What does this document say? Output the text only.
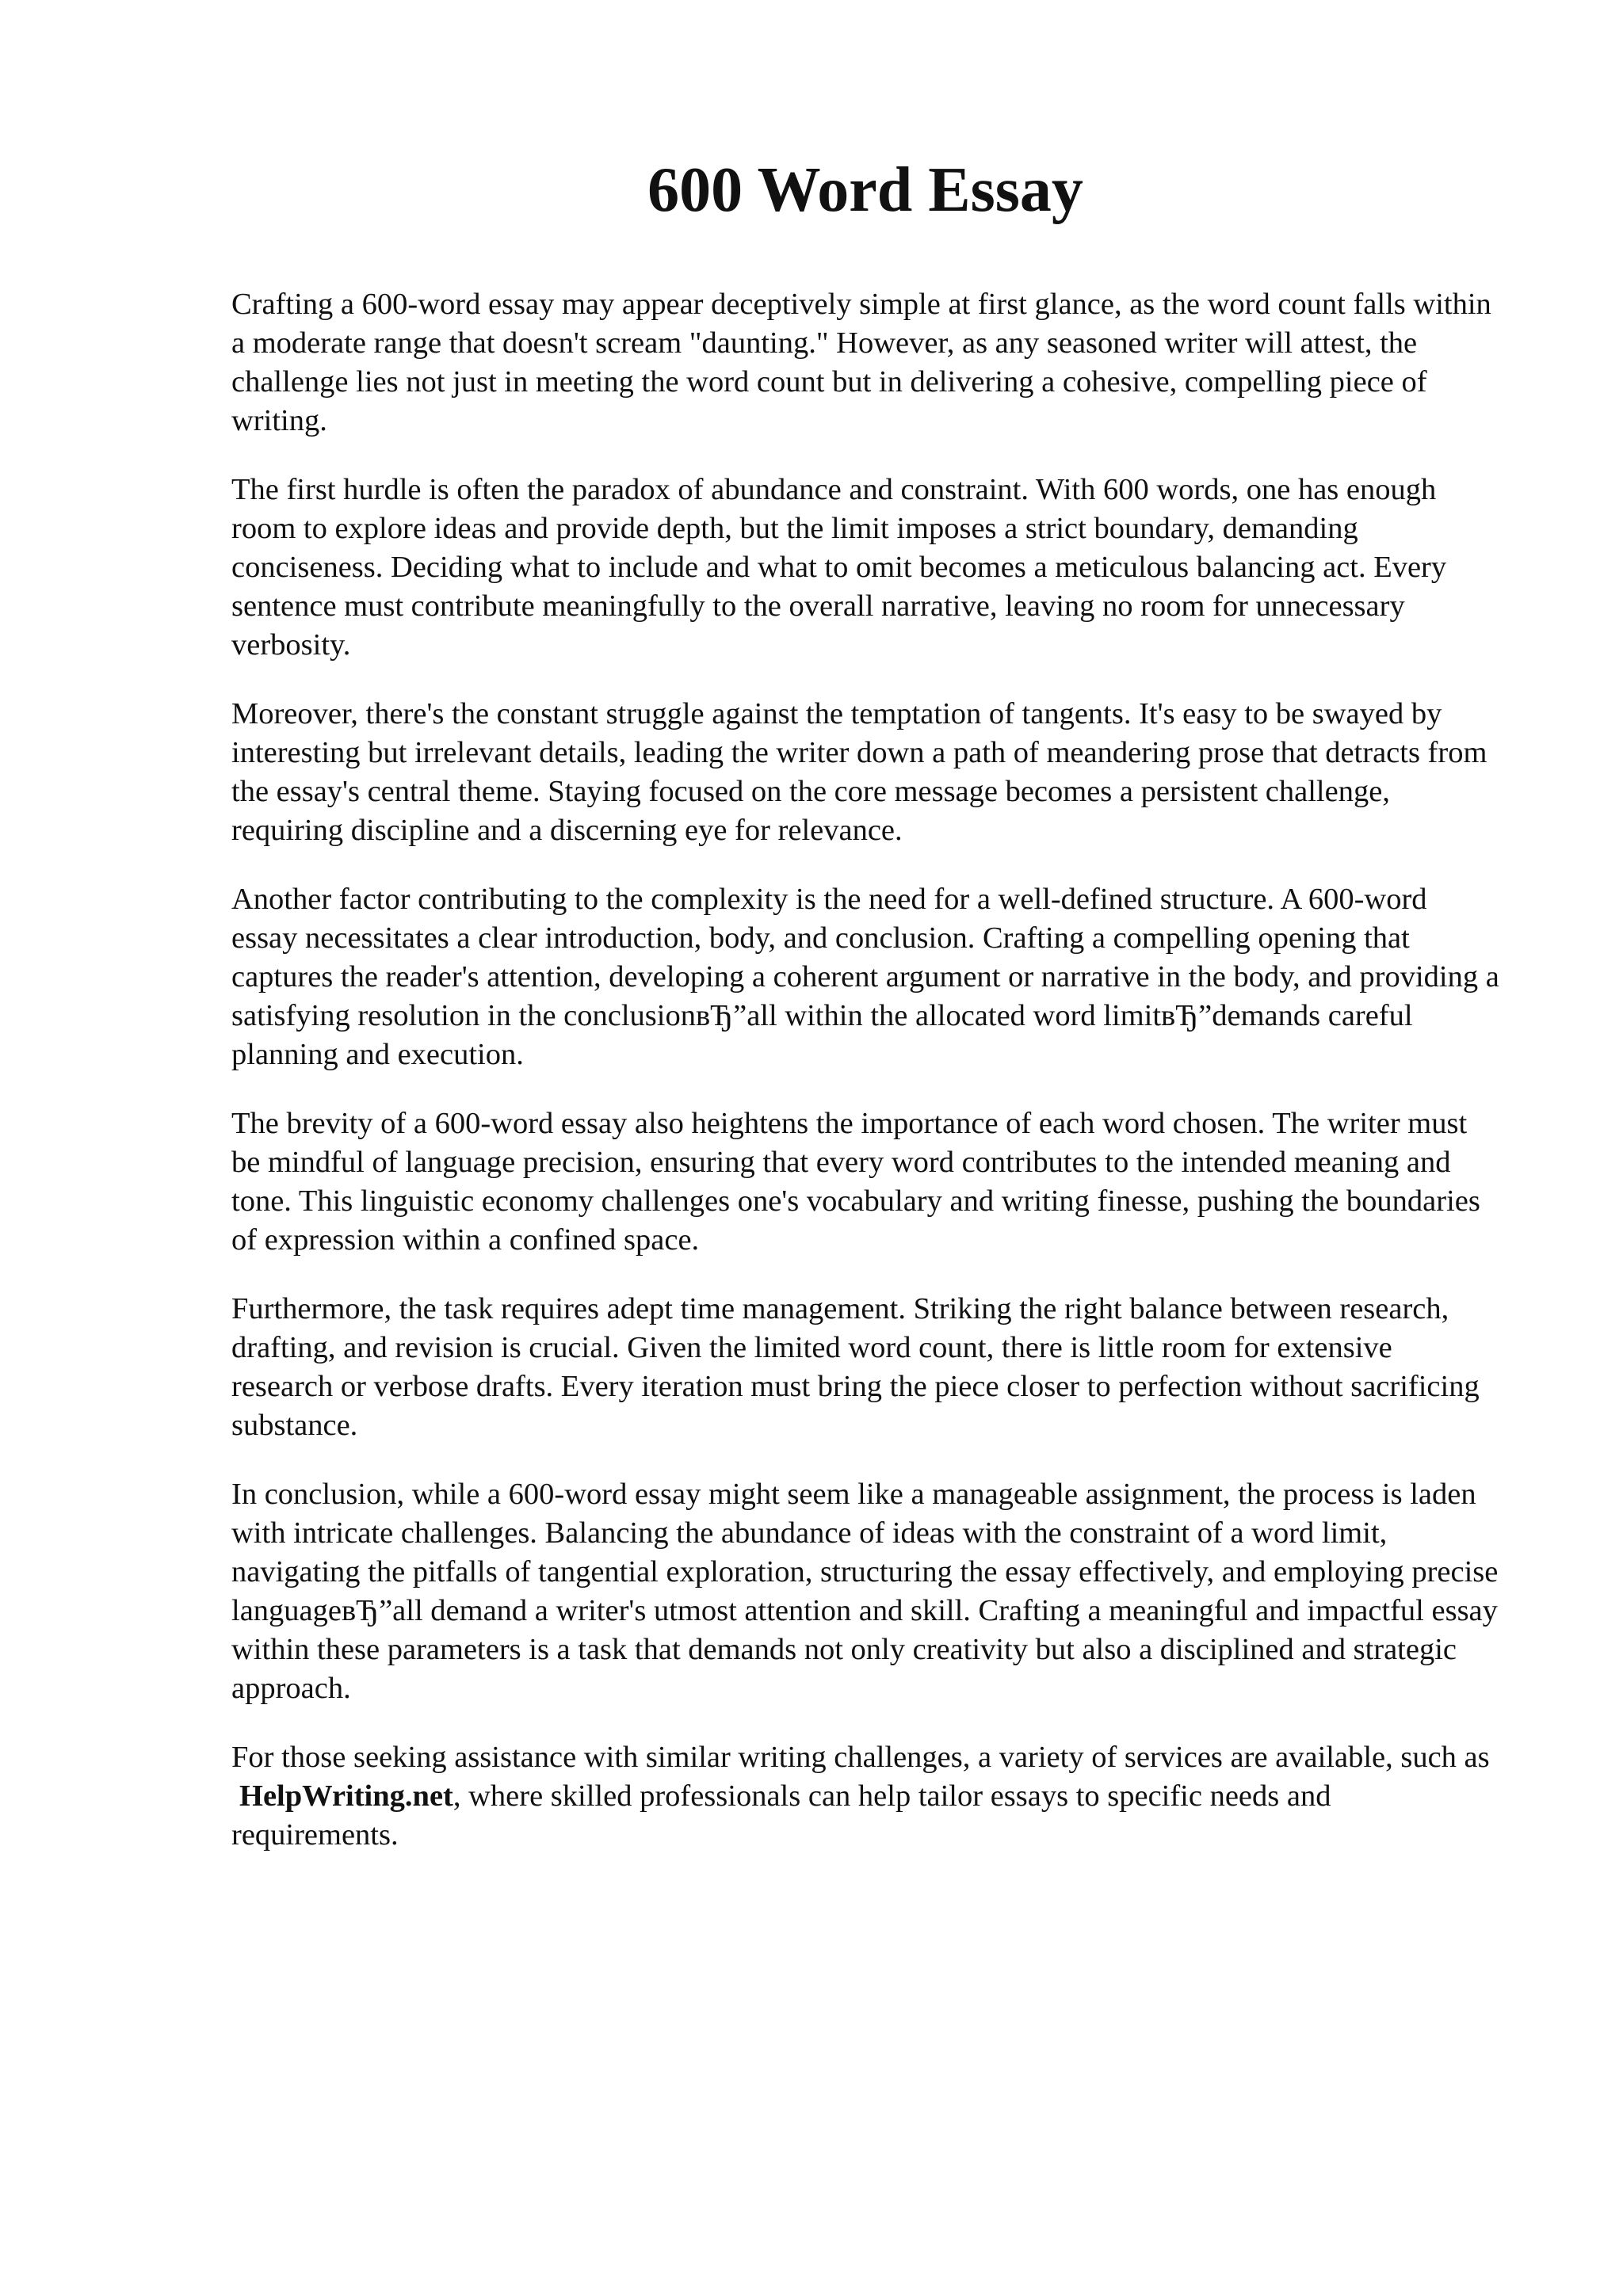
600 Word Essay

Crafting a 600-word essay may appear deceptively simple at first glance, as the word count falls within a moderate range that doesn't scream "daunting." However, as any seasoned writer will attest, the challenge lies not just in meeting the word count but in delivering a cohesive, compelling piece of writing.

The first hurdle is often the paradox of abundance and constraint. With 600 words, one has enough room to explore ideas and provide depth, but the limit imposes a strict boundary, demanding conciseness. Deciding what to include and what to omit becomes a meticulous balancing act. Every sentence must contribute meaningfully to the overall narrative, leaving no room for unnecessary verbosity.

Moreover, there's the constant struggle against the temptation of tangents. It's easy to be swayed by interesting but irrelevant details, leading the writer down a path of meandering prose that detracts from the essay's central theme. Staying focused on the core message becomes a persistent challenge, requiring discipline and a discerning eye for relevance.

Another factor contributing to the complexity is the need for a well-defined structure. A 600-word essay necessitates a clear introduction, body, and conclusion. Crafting a compelling opening that captures the reader's attention, developing a coherent argument or narrative in the body, and providing a satisfying resolution in the conclusionвЂ”all within the allocated word limitвЂ”demands careful planning and execution.

The brevity of a 600-word essay also heightens the importance of each word chosen. The writer must be mindful of language precision, ensuring that every word contributes to the intended meaning and tone. This linguistic economy challenges one's vocabulary and writing finesse, pushing the boundaries of expression within a confined space.

Furthermore, the task requires adept time management. Striking the right balance between research, drafting, and revision is crucial. Given the limited word count, there is little room for extensive research or verbose drafts. Every iteration must bring the piece closer to perfection without sacrificing substance.

In conclusion, while a 600-word essay might seem like a manageable assignment, the process is laden with intricate challenges. Balancing the abundance of ideas with the constraint of a word limit, navigating the pitfalls of tangential exploration, structuring the essay effectively, and employing precise languageвЂ”all demand a writer's utmost attention and skill. Crafting a meaningful and impactful essay within these parameters is a task that demands not only creativity but also a disciplined and strategic approach.

For those seeking assistance with similar writing challenges, a variety of services are available, such as HelpWriting.net, where skilled professionals can help tailor essays to specific needs and requirements.
